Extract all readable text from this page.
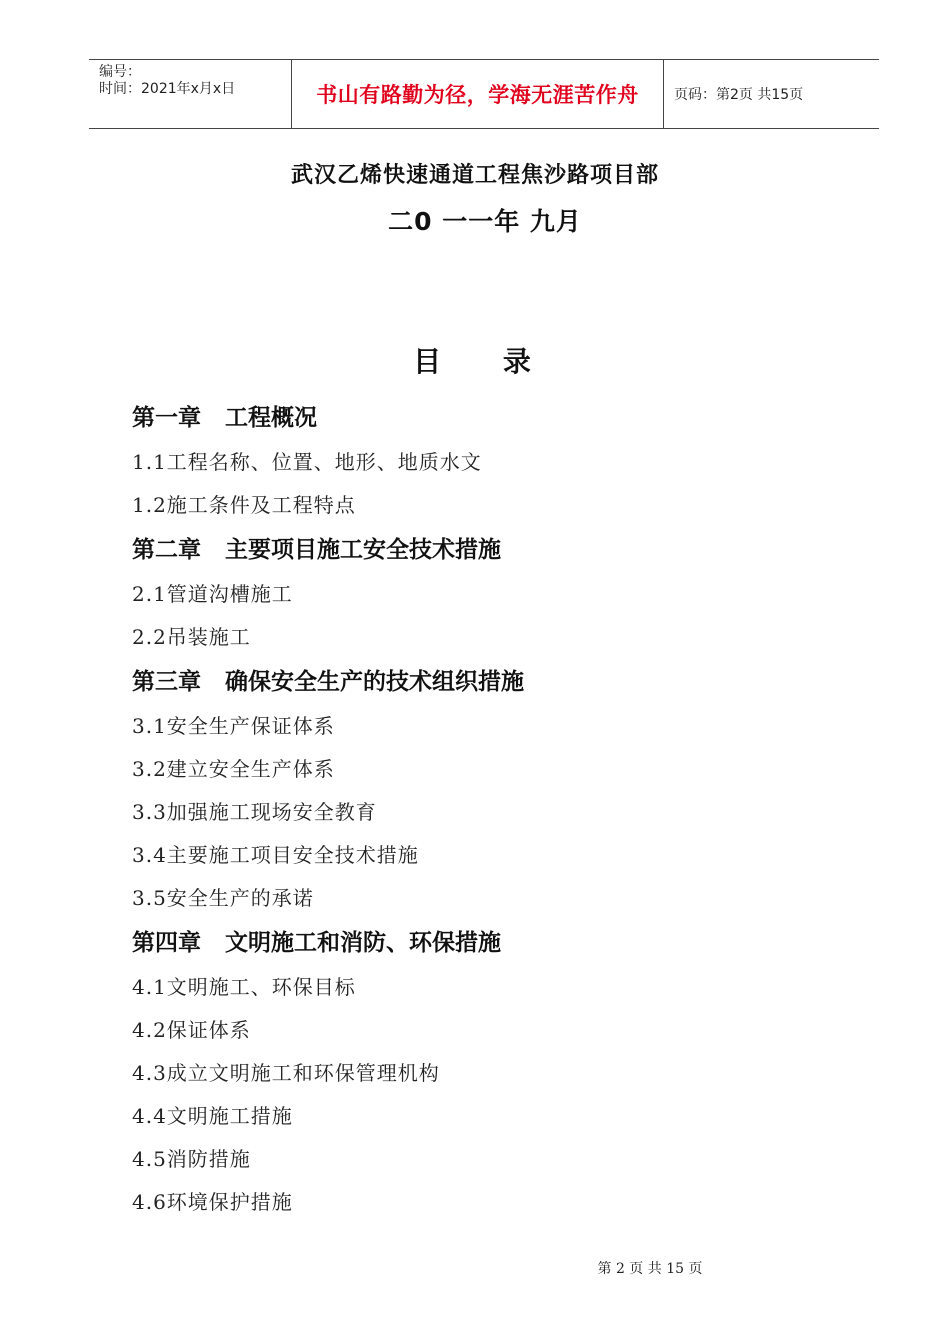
编号：
时间：2021年x月x日	书山有路勤为径，学海无涯苦作舟	页码：第2页 共15页
武汉乙烯快速通道工程焦沙路项目部
二0 一一年 九月
目 录
第一章   工程概况
1.1工程名称、位置、地形、地质水文
1.2施工条件及工程特点
第二章   主要项目施工安全技术措施
2.1管道沟槽施工
2.2吊装施工
第三章   确保安全生产的技术组织措施
3.1安全生产保证体系
3.2建立安全生产体系
3.3加强施工现场安全教育
3.4主要施工项目安全技术措施
3.5安全生产的承诺
第四章   文明施工和消防、环保措施
4.1文明施工、环保目标
4.2保证体系
4.3成立文明施工和环保管理机构
4.4文明施工措施
4.5消防措施
4.6环境保护措施
第 2 页 共 15 页
